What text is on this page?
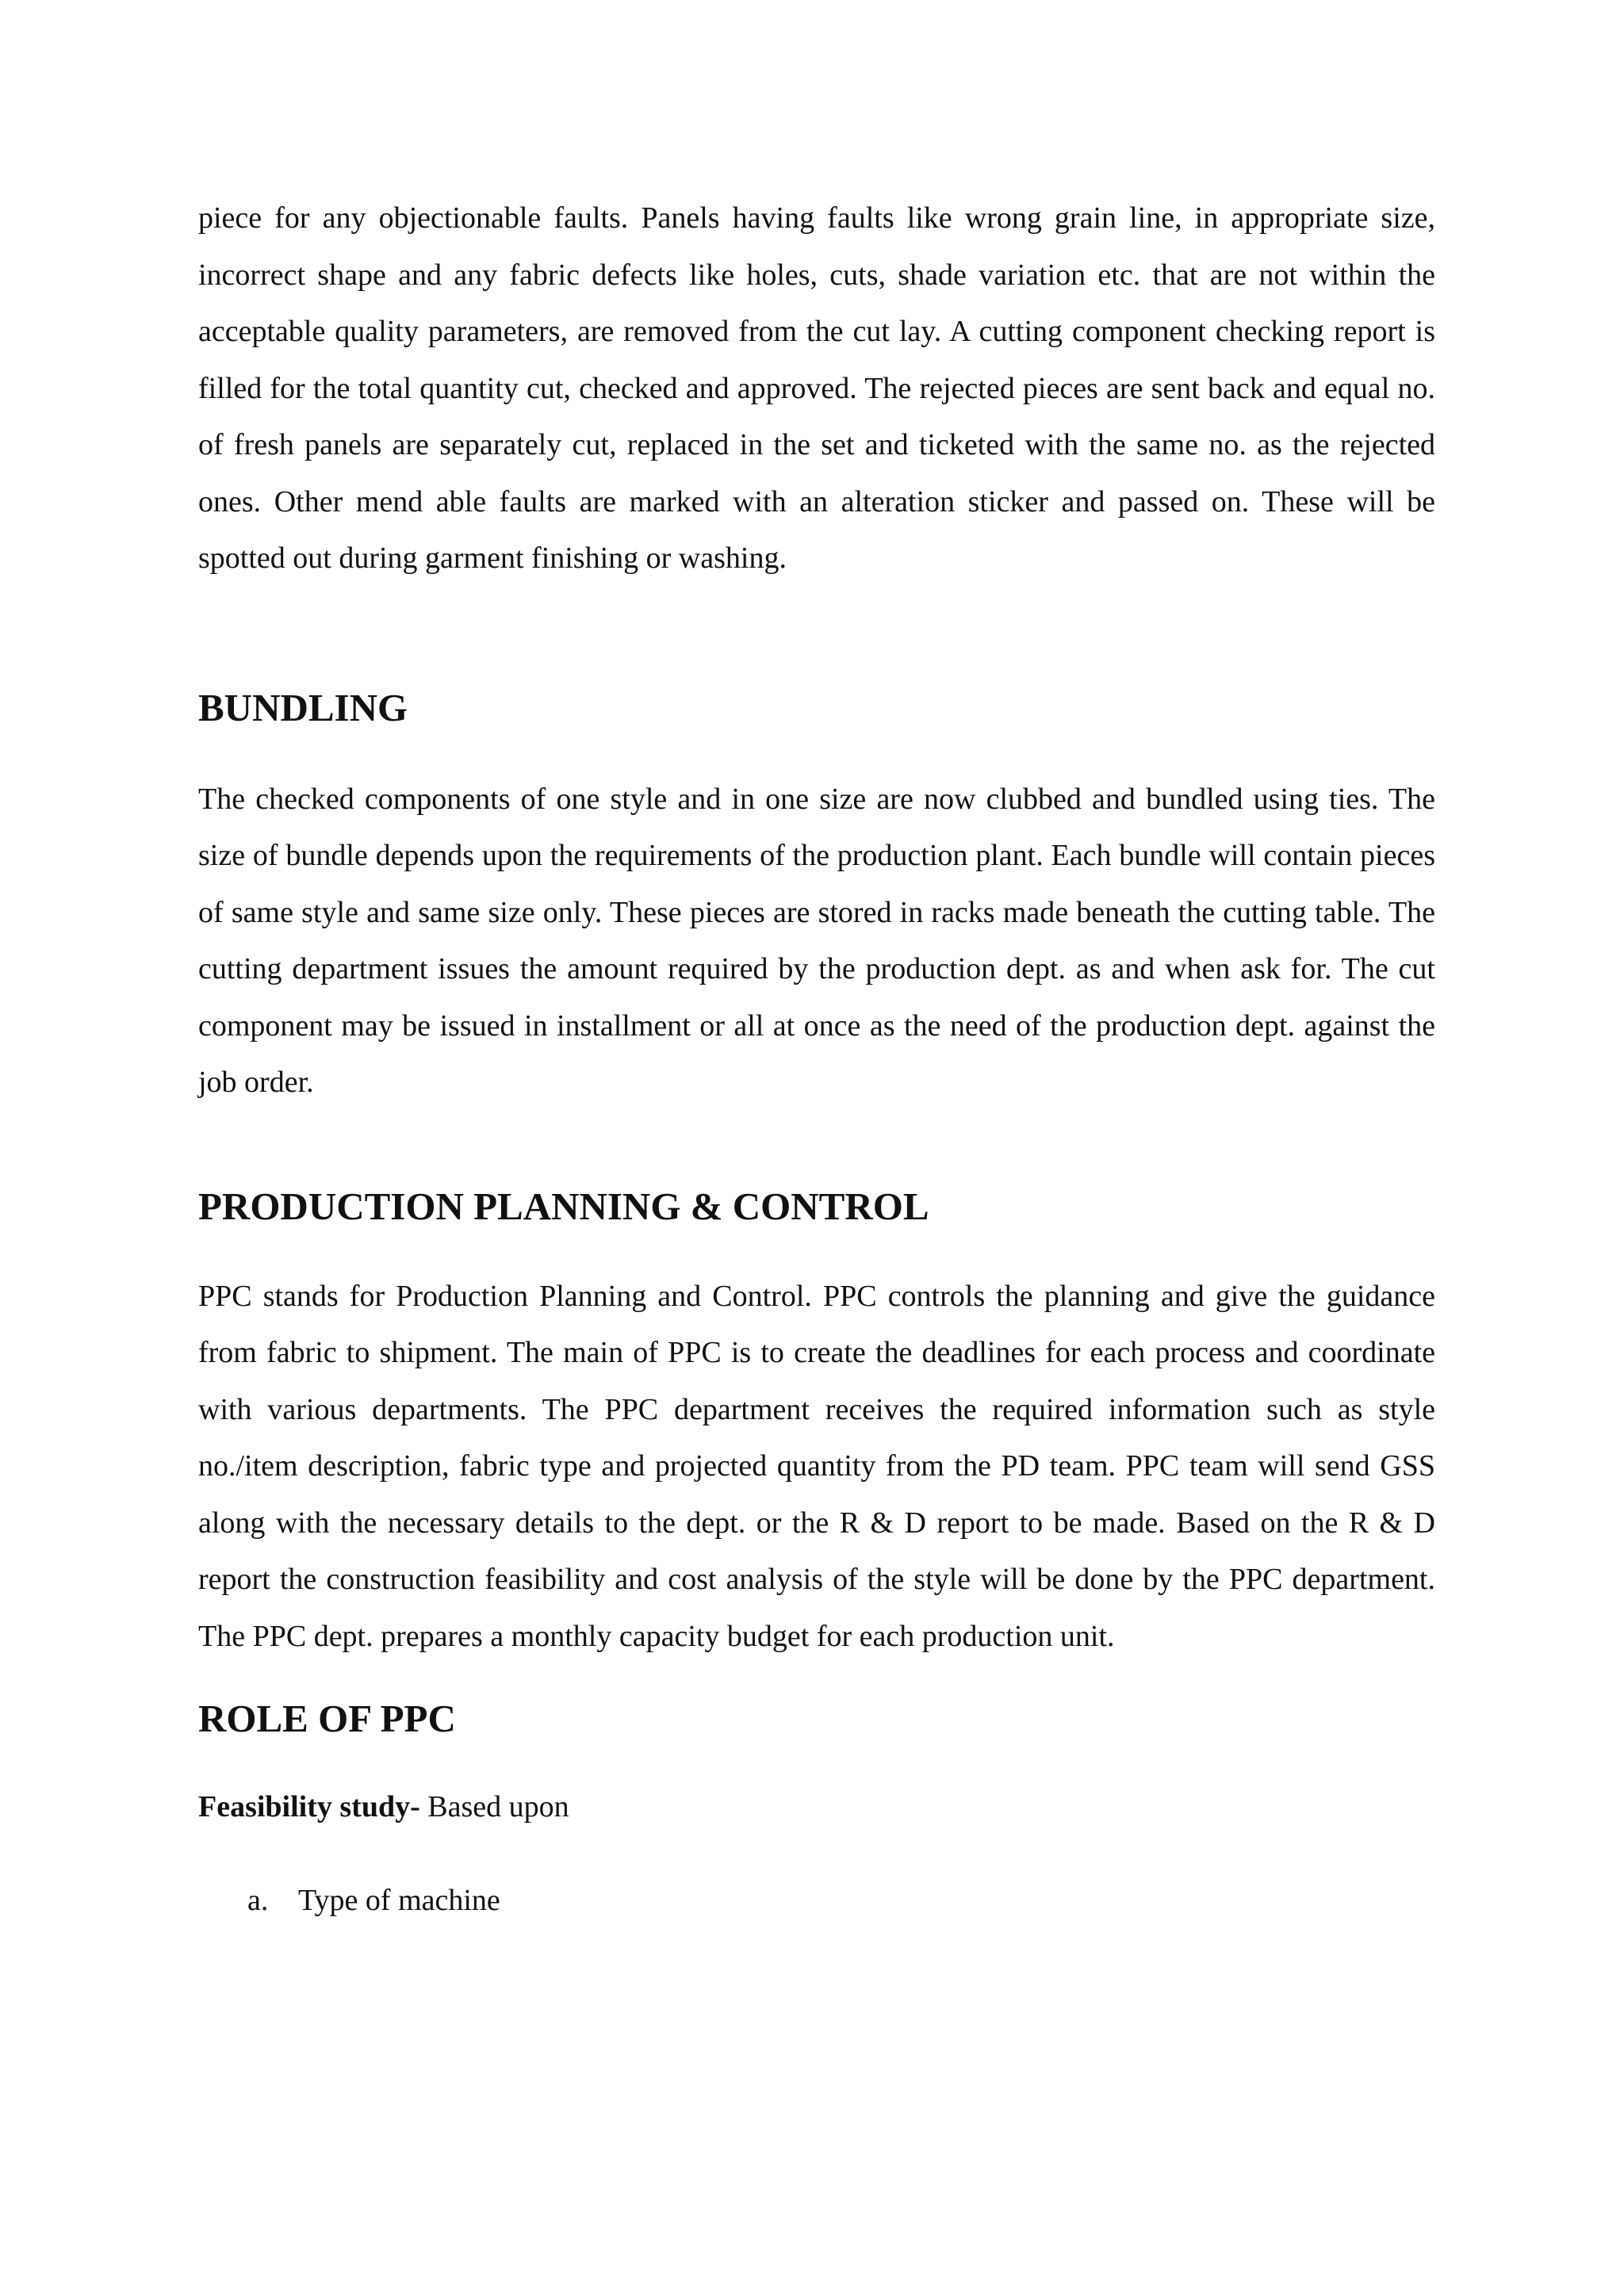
piece for any objectionable faults. Panels having faults like wrong grain line, in appropriate size, incorrect shape and any fabric defects like holes, cuts, shade variation etc. that are not within the acceptable quality parameters, are removed from the cut lay. A cutting component checking report is filled for the total quantity cut, checked and approved. The rejected pieces are sent back and equal no. of fresh panels are separately cut, replaced in the set and ticketed with the same no. as the rejected ones. Other mend able faults are marked with an alteration sticker and passed on. These will be spotted out during garment finishing or washing.

BUNDLING

The checked components of one style and in one size are now clubbed and bundled using ties. The size of bundle depends upon the requirements of the production plant. Each bundle will contain pieces of same style and same size only. These pieces are stored in racks made beneath the cutting table. The cutting department issues the amount required by the production dept. as and when ask for. The cut component may be issued in installment or all at once as the need of the production dept. against the job order.

PRODUCTION PLANNING & CONTROL

PPC stands for Production Planning and Control. PPC controls the planning and give the guidance from fabric to shipment. The main of PPC is to create the deadlines for each process and coordinate with various departments. The PPC department receives the required information such as style no./item description, fabric type and projected quantity from the PD team. PPC team will send GSS along with the necessary details to the dept. or the R & D report to be made. Based on the R & D report the construction feasibility and cost analysis of the style will be done by the PPC department. The PPC dept. prepares a monthly capacity budget for each production unit.

ROLE OF PPC

Feasibility study- Based upon

a. Type of machine
